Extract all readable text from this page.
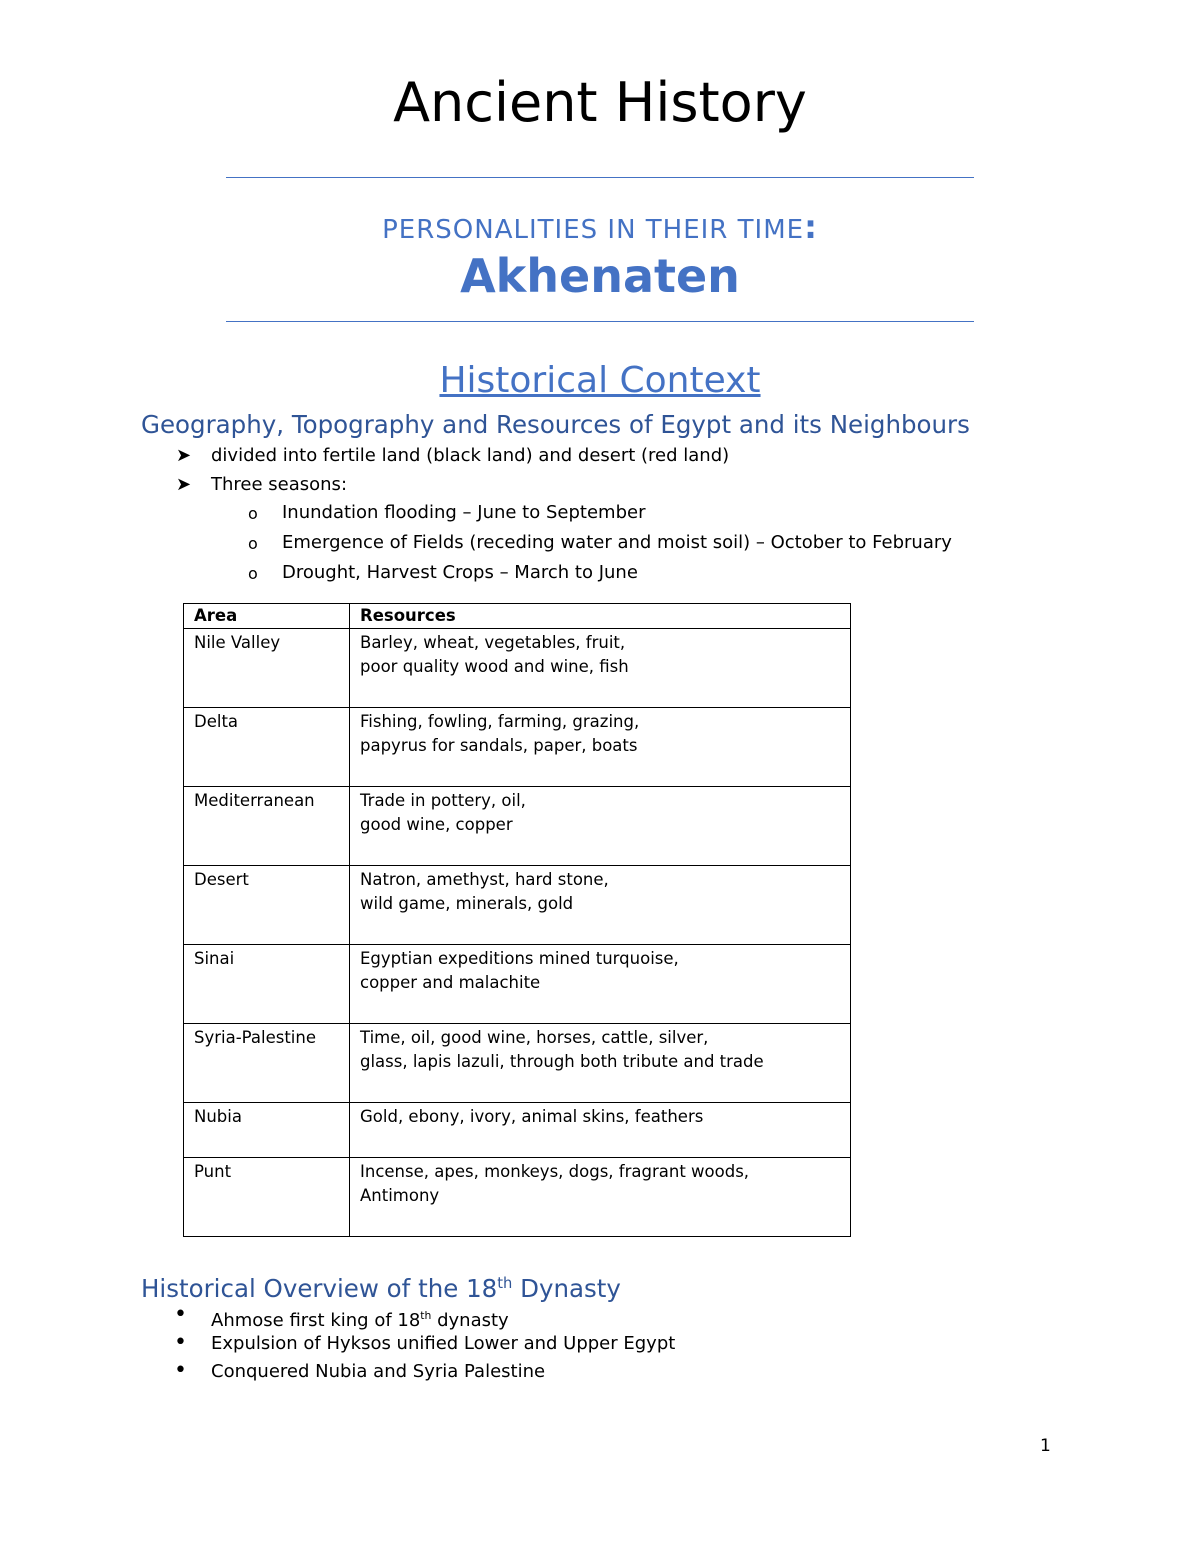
Ancient History
PERSONALITIES IN THEIR TIME:
Akhenaten
Historical Context
Geography, Topography and Resources of Egypt and its Neighbours
➤ divided into fertile land (black land) and desert (red land)
➤ Three seasons:
o Inundation flooding – June to September
o Emergence of Fields (receding water and moist soil) – October to February
o Drought, Harvest Crops – March to June
Area	Resources
Nile Valley	Barley, wheat, vegetables, fruit,
poor quality wood and wine, fish

Delta	Fishing, fowling, farming, grazing,
papyrus for sandals, paper, boats

Mediterranean	Trade in pottery, oil,
good wine, copper

Desert	Natron, amethyst, hard stone,
wild game, minerals, gold

Sinai	Egyptian expeditions mined turquoise,
copper and malachite

Syria-Palestine	Time, oil, good wine, horses, cattle, silver,
glass, lapis lazuli, through both tribute and trade

Nubia	Gold, ebony, ivory, animal skins, feathers

Punt	Incense, apes, monkeys, dogs, fragrant woods,
Antimony
Historical Overview of the 18th Dynasty
• Ahmose first king of 18th dynasty
• Expulsion of Hyksos unified Lower and Upper Egypt
• Conquered Nubia and Syria Palestine
1
